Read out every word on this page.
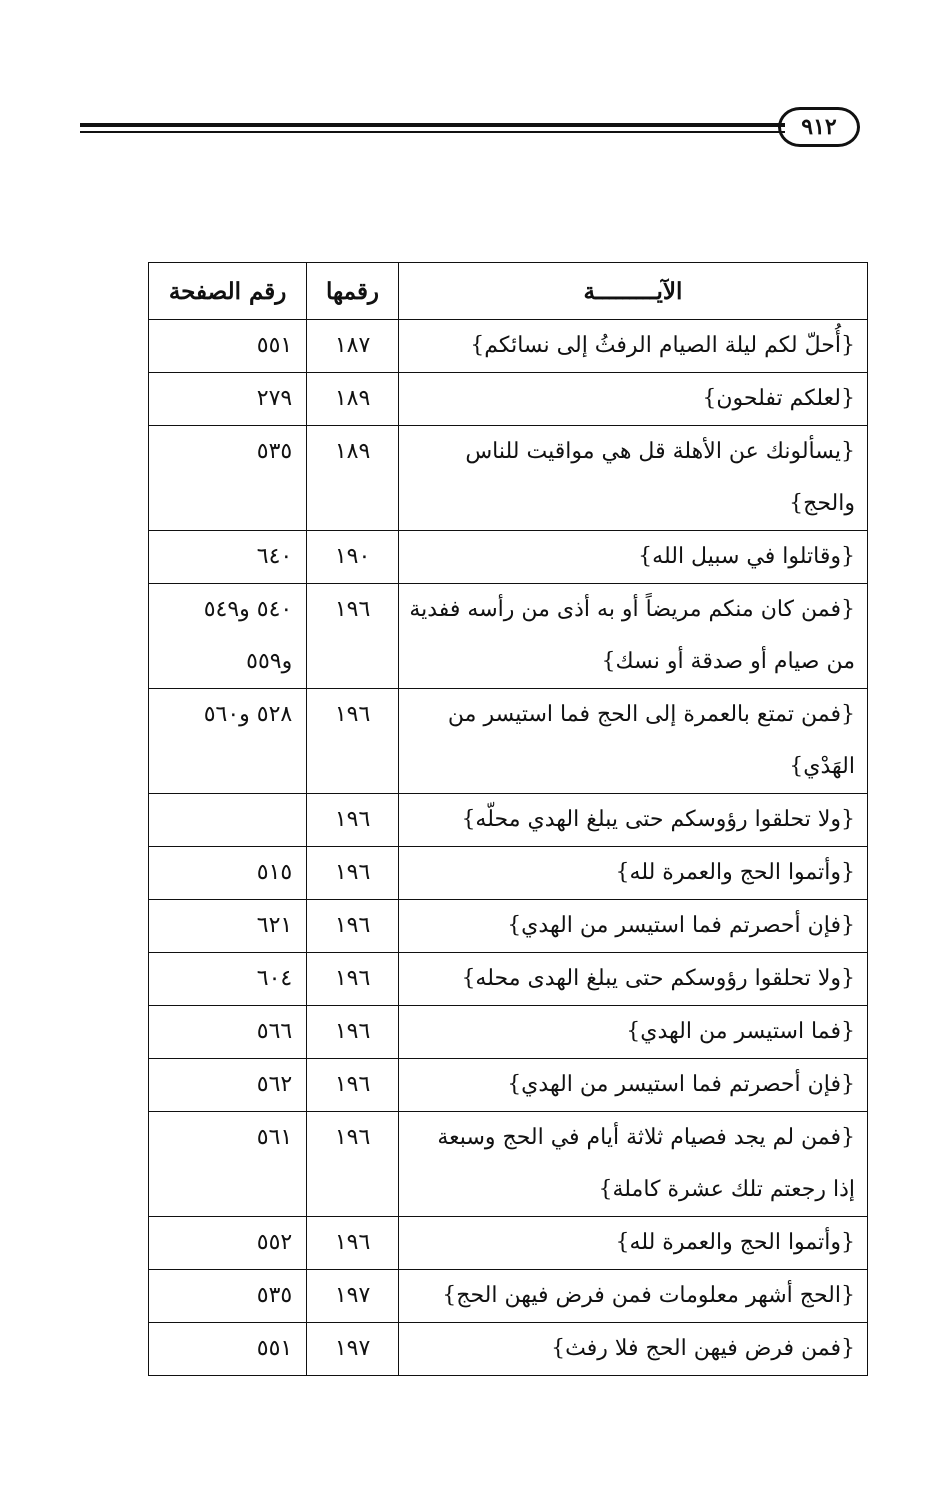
٩١٢
الآيـــــــــة	رقمها	رقم الصفحة
{أُحلّ لكم ليلة الصيام الرفثُ إلى نسائكم}	١٨٧	٥٥١
{لعلكم تفلحون}	١٨٩	٢٧٩
{يسألونك عن الأهلة قل هي مواقيت للناس والحج}	١٨٩	٥٣٥
{وقاتلوا في سبيل الله}	١٩٠	٦٤٠
{فمن كان منكم مريضاً أو به أذى من رأسه ففدية من صيام أو صدقة أو نسك}	١٩٦	٥٤٠ و٥٤٩ و٥٥٩
{فمن تمتع بالعمرة إلى الحج فما استيسر من الهَدْي}	١٩٦	٥٢٨ و٥٦٠
{ولا تحلقوا رؤوسكم حتى يبلغ الهدي محلّه}	١٩٦	
{وأتموا الحج والعمرة لله}	١٩٦	٥١٥
{فإن أحصرتم فما استيسر من الهدي}	١٩٦	٦٢١
{ولا تحلقوا رؤوسكم حتى يبلغ الهدى محله}	١٩٦	٦٠٤
{فما استيسر من الهدي}	١٩٦	٥٦٦
{فإن أحصرتم فما استيسر من الهدي}	١٩٦	٥٦٢
{فمن لم يجد فصيام ثلاثة أيام في الحج وسبعة إذا رجعتم تلك عشرة كاملة}	١٩٦	٥٦١
{وأتموا الحج والعمرة لله}	١٩٦	٥٥٢
{الحج أشهر معلومات فمن فرض فيهن الحج}	١٩٧	٥٣٥
{فمن فرض فيهن الحج فلا رفث}	١٩٧	٥٥١
